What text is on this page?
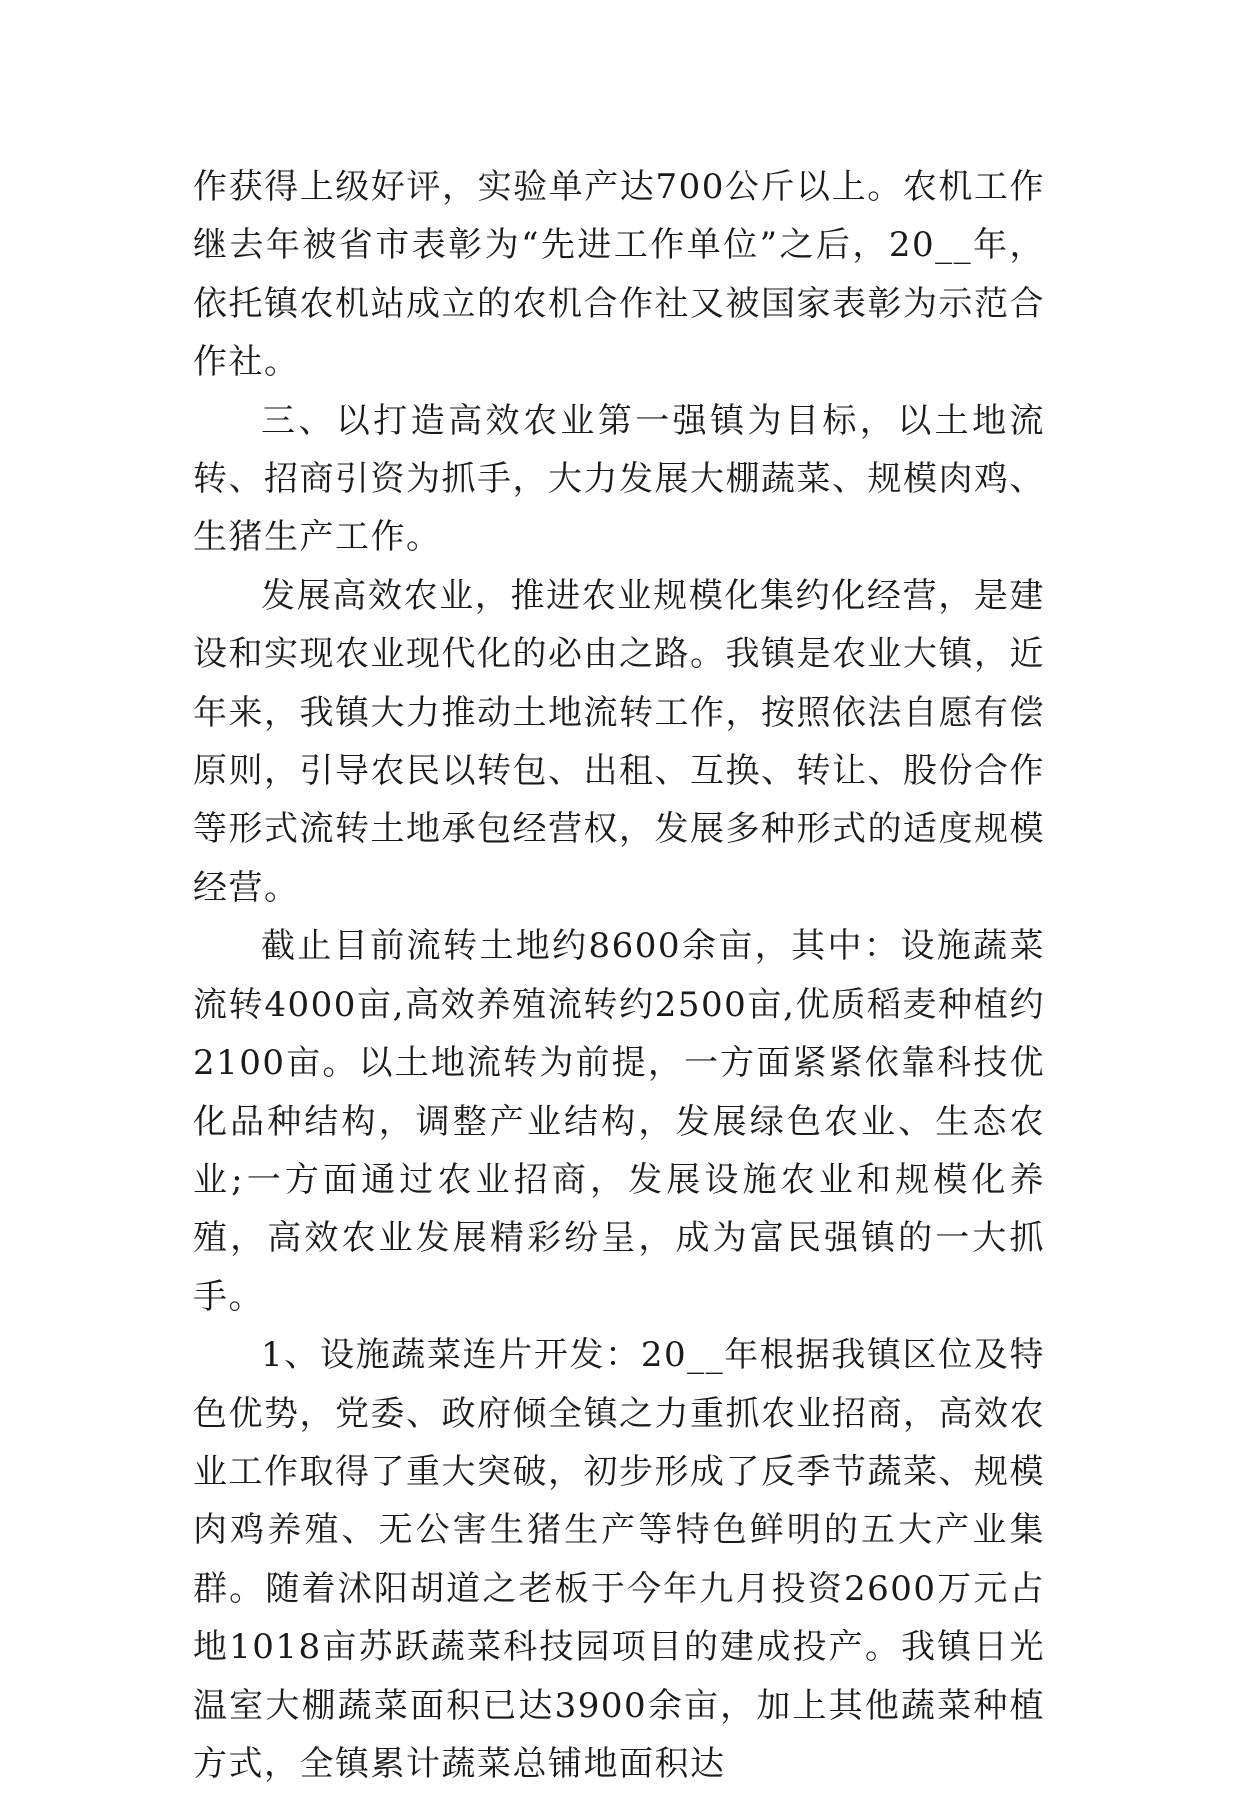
作获得上级好评，实验单产达700公斤以上。农机工作继去年被省市表彰为“先进工作单位”之后，20__年，依托镇农机站成立的农机合作社又被国家表彰为示范合作社。

三、以打造高效农业第一强镇为目标，以土地流转、招商引资为抓手，大力发展大棚蔬菜、规模肉鸡、生猪生产工作。

发展高效农业，推进农业规模化集约化经营，是建设和实现农业现代化的必由之路。我镇是农业大镇，近年来，我镇大力推动土地流转工作，按照依法自愿有偿原则，引导农民以转包、出租、互换、转让、股份合作等形式流转土地承包经营权，发展多种形式的适度规模经营。

截止目前流转土地约8600余亩，其中：设施蔬菜流转4000亩,高效养殖流转约2500亩,优质稻麦种植约2100亩。以土地流转为前提，一方面紧紧依靠科技优化品种结构，调整产业结构，发展绿色农业、生态农业;一方面通过农业招商，发展设施农业和规模化养殖，高效农业发展精彩纷呈，成为富民强镇的一大抓手。

1、设施蔬菜连片开发：20__年根据我镇区位及特色优势，党委、政府倾全镇之力重抓农业招商，高效农业工作取得了重大突破，初步形成了反季节蔬菜、规模肉鸡养殖、无公害生猪生产等特色鲜明的五大产业集群。随着沭阳胡道之老板于今年九月投资2600万元占地1018亩苏跃蔬菜科技园项目的建成投产。我镇日光温室大棚蔬菜面积已达3900余亩，加上其他蔬菜种植方式，全镇累计蔬菜总铺地面积达
